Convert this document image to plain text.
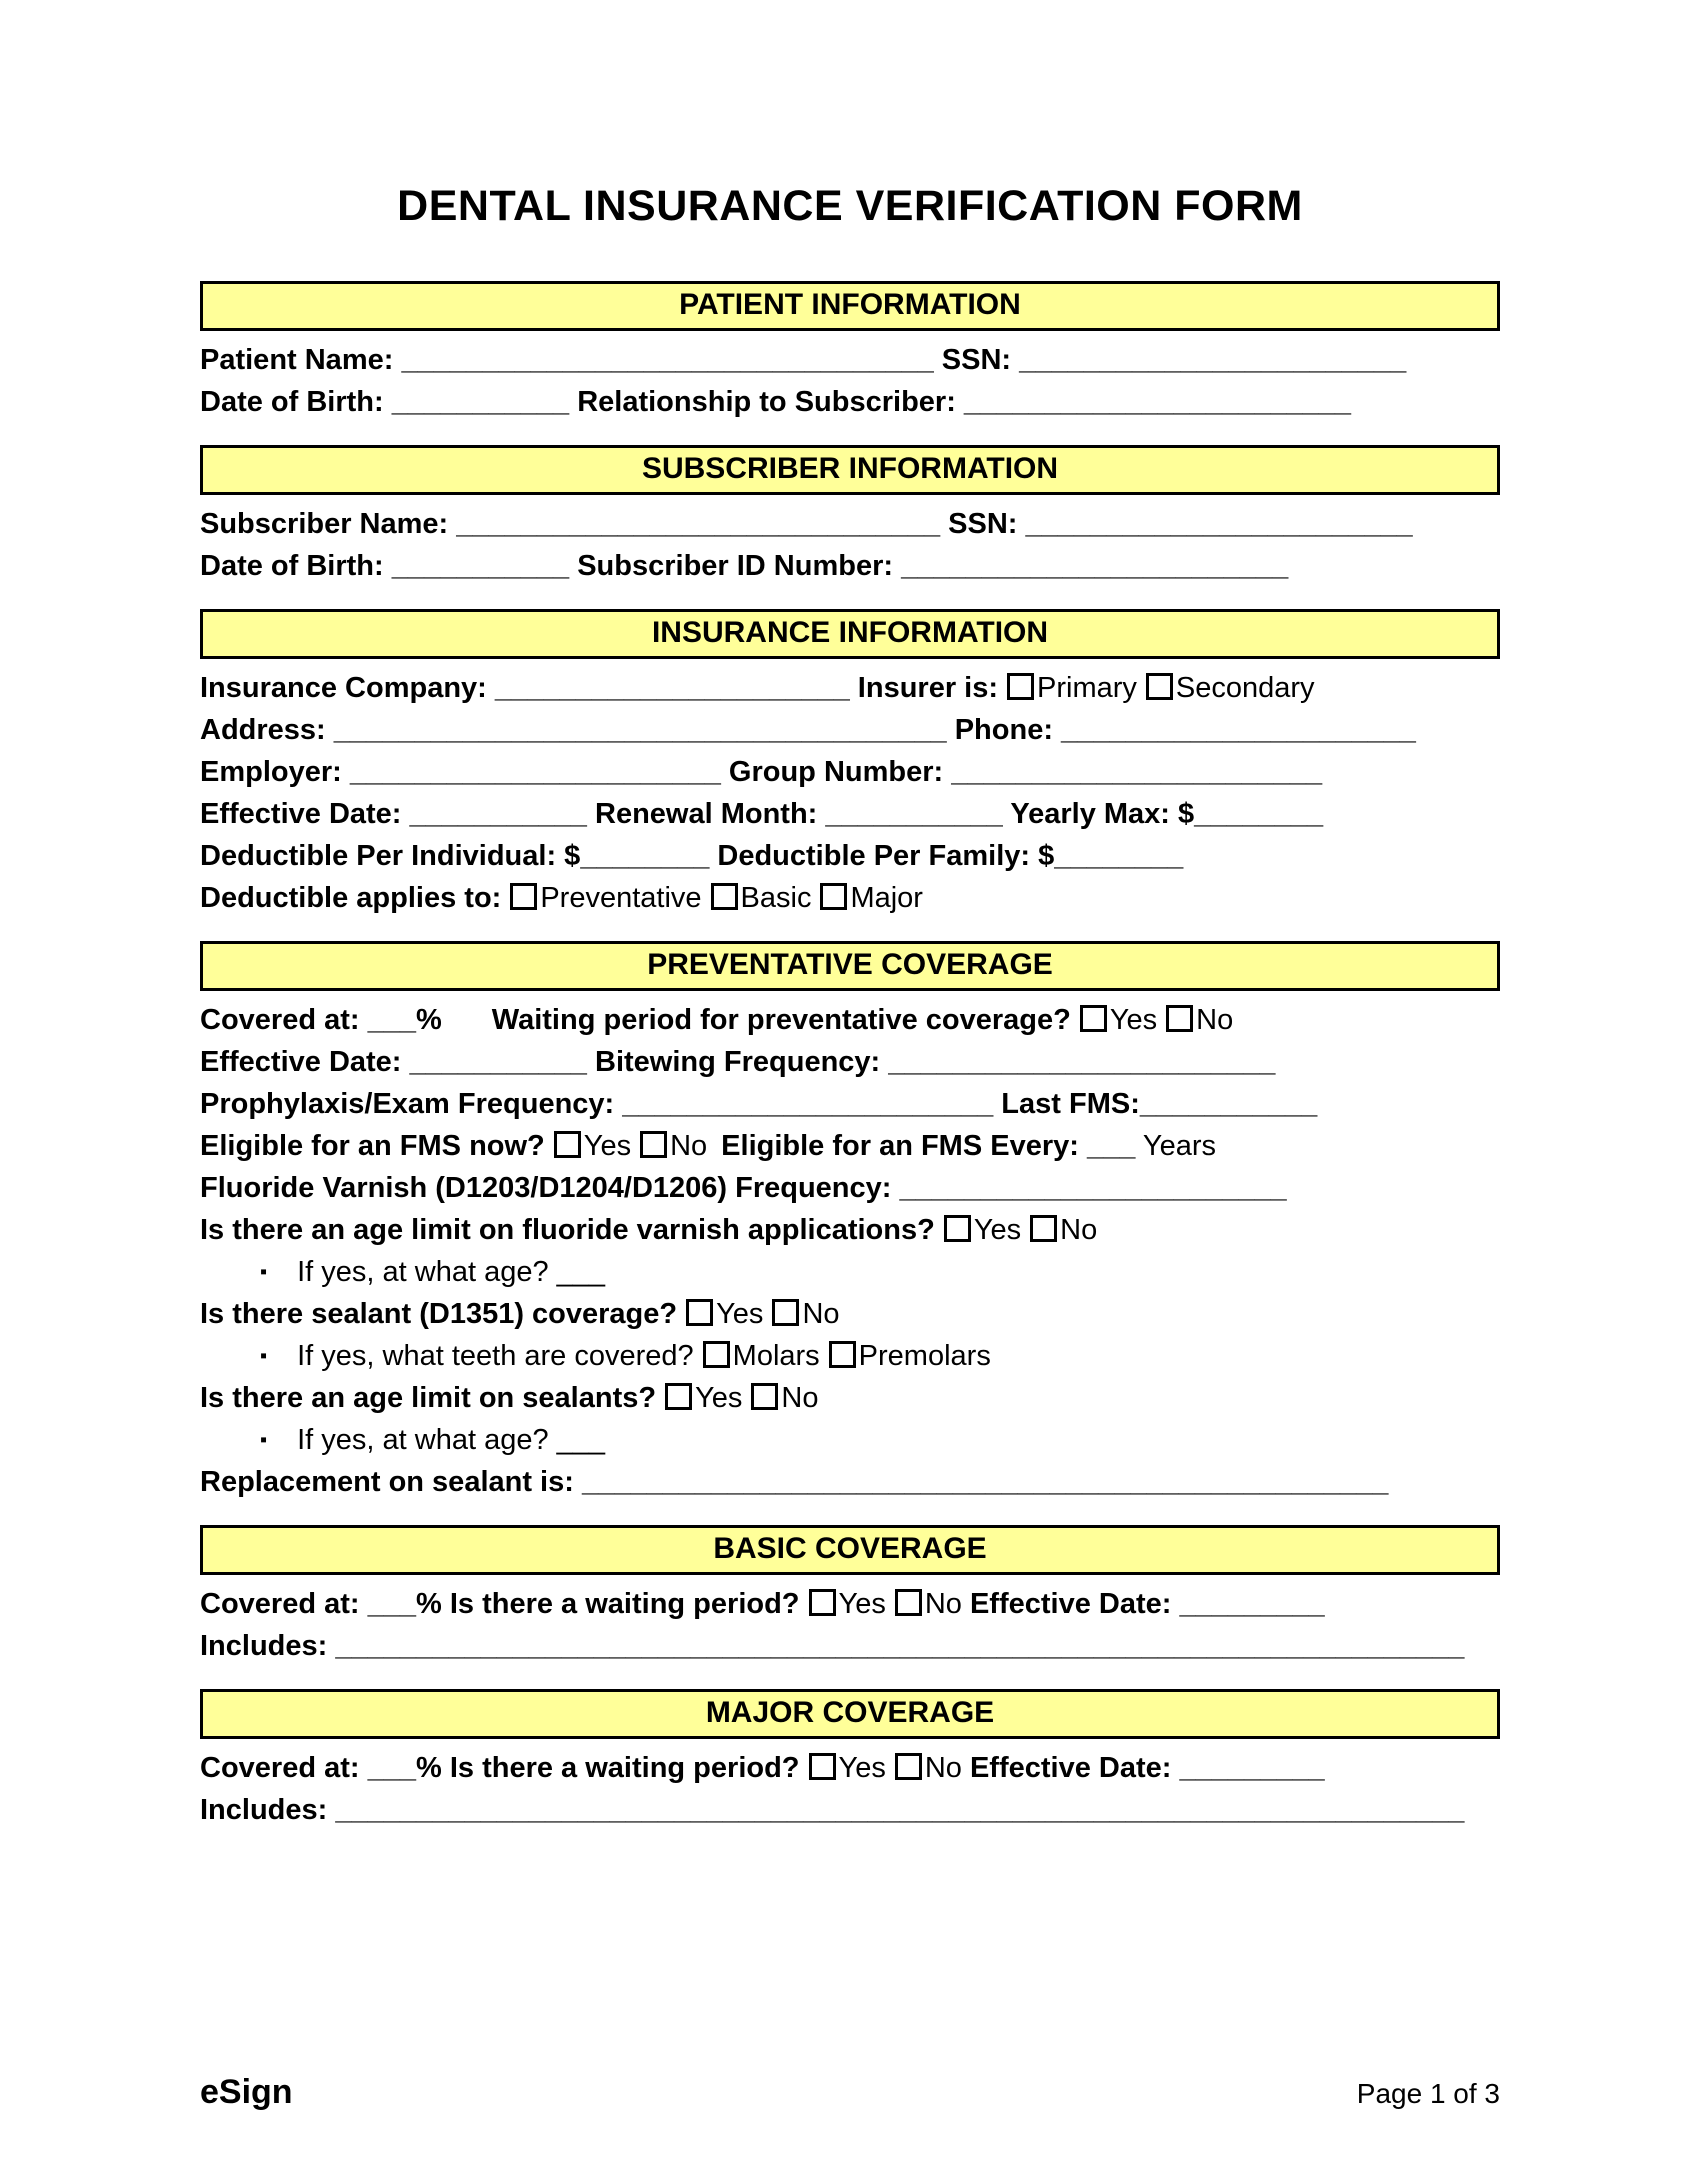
DENTAL INSURANCE VERIFICATION FORM
PATIENT INFORMATION
Patient Name: _________________________________ SSN: ________________________
Date of Birth: ___________ Relationship to Subscriber: ________________________
SUBSCRIBER INFORMATION
Subscriber Name: ______________________________ SSN: ________________________
Date of Birth: ___________ Subscriber ID Number: ________________________
INSURANCE INFORMATION
Insurance Company: ______________________ Insurer is: Primary Secondary
Address: ______________________________________ Phone: ______________________
Employer: _______________________ Group Number: _______________________
Effective Date: ___________ Renewal Month: ___________ Yearly Max: $________
Deductible Per Individual: $________ Deductible Per Family: $________
Deductible applies to: Preventative Basic Major
PREVENTATIVE COVERAGE
Covered at: ___% Waiting period for preventative coverage? Yes No
Effective Date: ___________ Bitewing Frequency: ________________________
Prophylaxis/Exam Frequency: _______________________ Last FMS:___________
Eligible for an FMS now? Yes No Eligible for an FMS Every: ___ Years
Fluoride Varnish (D1203/D1204/D1206) Frequency: ________________________
Is there an age limit on fluoride varnish applications? Yes No
▪ If yes, at what age? ___
Is there sealant (D1351) coverage? Yes No
▪ If yes, what teeth are covered? Molars Premolars
Is there an age limit on sealants? Yes No
▪ If yes, at what age? ___
Replacement on sealant is: __________________________________________________
BASIC COVERAGE
Covered at: ___% Is there a waiting period? Yes No Effective Date: _________
Includes: ______________________________________________________________________
MAJOR COVERAGE
Covered at: ___% Is there a waiting period? Yes No Effective Date: _________
Includes: ______________________________________________________________________
eSign	Page 1 of 3
